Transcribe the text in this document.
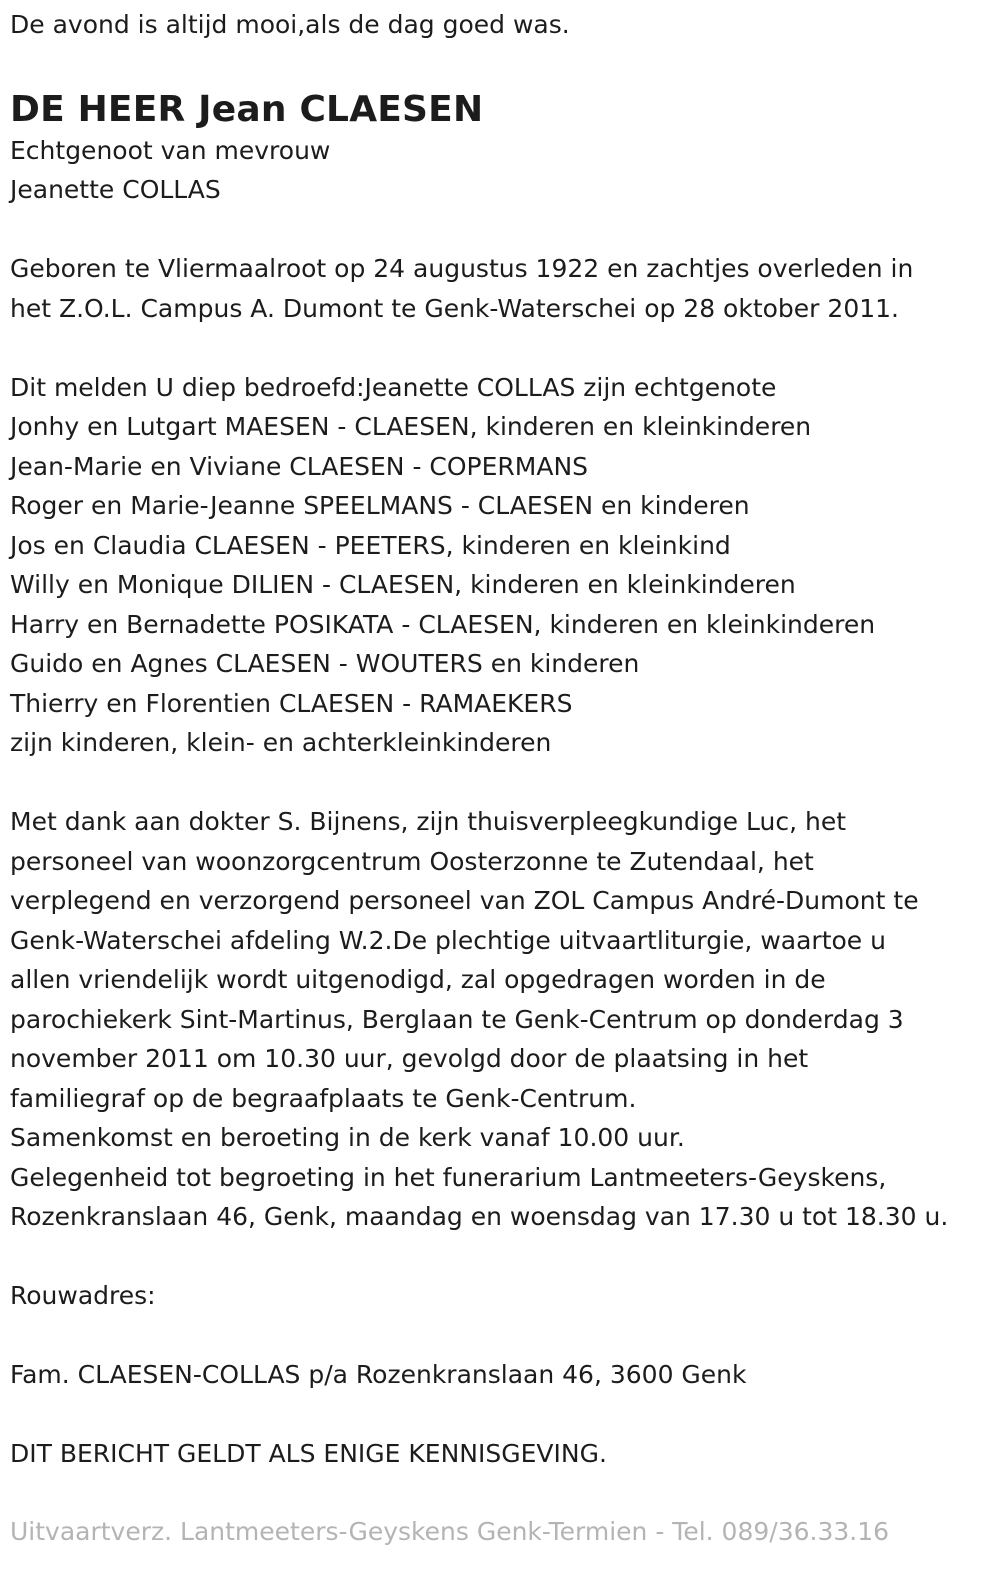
De avond is altijd mooi,als de dag goed was.

DE HEER Jean CLAESEN

Echtgenoot van mevrouw

Jeanette COLLAS

Geboren te Vliermaalroot op 24 augustus 1922 en zachtjes overleden in

het Z.O.L. Campus A. Dumont te Genk-Waterschei op 28 oktober 2011.

Dit melden U diep bedroefd:Jeanette COLLAS zijn echtgenote

Jonhy en Lutgart MAESEN - CLAESEN, kinderen en kleinkinderen

Jean-Marie en Viviane CLAESEN - COPERMANS

Roger en Marie-Jeanne SPEELMANS - CLAESEN en kinderen

Jos en Claudia CLAESEN - PEETERS, kinderen en kleinkind

Willy en Monique DILIEN - CLAESEN, kinderen en kleinkinderen

Harry en Bernadette POSIKATA - CLAESEN, kinderen en kleinkinderen

Guido en Agnes CLAESEN - WOUTERS en kinderen

Thierry en Florentien CLAESEN - RAMAEKERS

zijn kinderen, klein- en achterkleinkinderen

Met dank aan dokter S. Bijnens, zijn thuisverpleegkundige Luc, het

personeel van woonzorgcentrum Oosterzonne te Zutendaal, het

verplegend en verzorgend personeel van ZOL Campus André-Dumont te

Genk-Waterschei afdeling W.2.De plechtige uitvaartliturgie, waartoe u

allen vriendelijk wordt uitgenodigd, zal opgedragen worden in de

parochiekerk Sint-Martinus, Berglaan te Genk-Centrum op donderdag 3

november 2011 om 10.30 uur, gevolgd door de plaatsing in het

familiegraf op de begraafplaats te Genk-Centrum.

Samenkomst en beroeting in de kerk vanaf 10.00 uur.

Gelegenheid tot begroeting in het funerarium Lantmeeters-Geyskens,

Rozenkranslaan 46, Genk, maandag en woensdag van 17.30 u tot 18.30 u.

Rouwadres:

Fam. CLAESEN-COLLAS p/a Rozenkranslaan 46, 3600 Genk

DIT BERICHT GELDT ALS ENIGE KENNISGEVING.

Uitvaartverz. Lantmeeters-Geyskens Genk-Termien - Tel. 089/36.33.16
